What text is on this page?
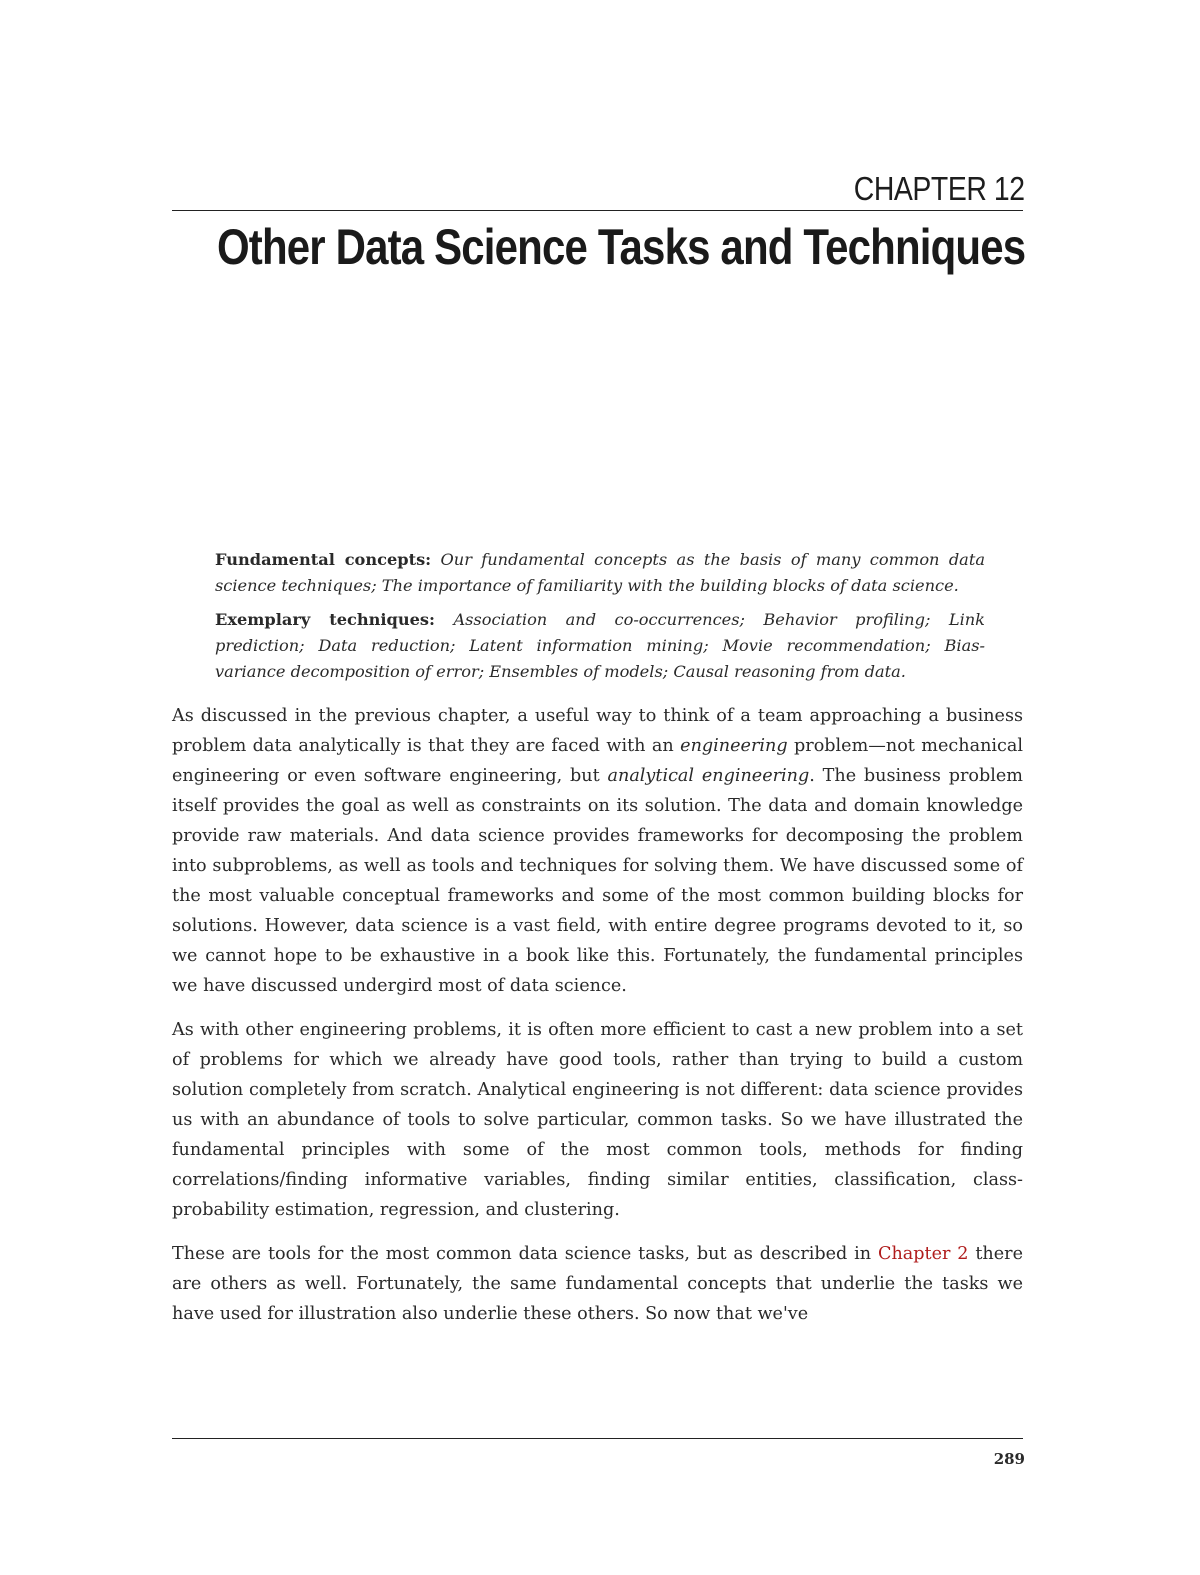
CHAPTER 12
Other Data Science Tasks and Techniques

Fundamental concepts: Our fundamental concepts as the basis of many common data science techniques; The importance of familiarity with the building blocks of data science.

Exemplary techniques: Association and co-occurrences; Behavior profiling; Link prediction; Data reduction; Latent information mining; Movie recommendation; Bias-variance decomposition of error; Ensembles of models; Causal reasoning from data.

As discussed in the previous chapter, a useful way to think of a team approaching a business problem data analytically is that they are faced with an engineering problem—not mechanical engineering or even software engineering, but analytical engineering. The business problem itself provides the goal as well as constraints on its solution. The data and domain knowledge provide raw materials. And data science provides frameworks for decomposing the problem into subproblems, as well as tools and techniques for solving them. We have discussed some of the most valuable conceptual frameworks and some of the most common building blocks for solutions. However, data science is a vast field, with entire degree programs devoted to it, so we cannot hope to be exhaustive in a book like this. Fortunately, the fundamental principles we have discussed undergird most of data science.

As with other engineering problems, it is often more efficient to cast a new problem into a set of problems for which we already have good tools, rather than trying to build a custom solution completely from scratch. Analytical engineering is not different: data science provides us with an abundance of tools to solve particular, common tasks. So we have illustrated the fundamental principles with some of the most common tools, methods for finding correlations/finding informative variables, finding similar entities, classification, class-probability estimation, regression, and clustering.

These are tools for the most common data science tasks, but as described in Chapter 2 there are others as well. Fortunately, the same fundamental concepts that underlie the tasks we have used for illustration also underlie these others. So now that we've

289
